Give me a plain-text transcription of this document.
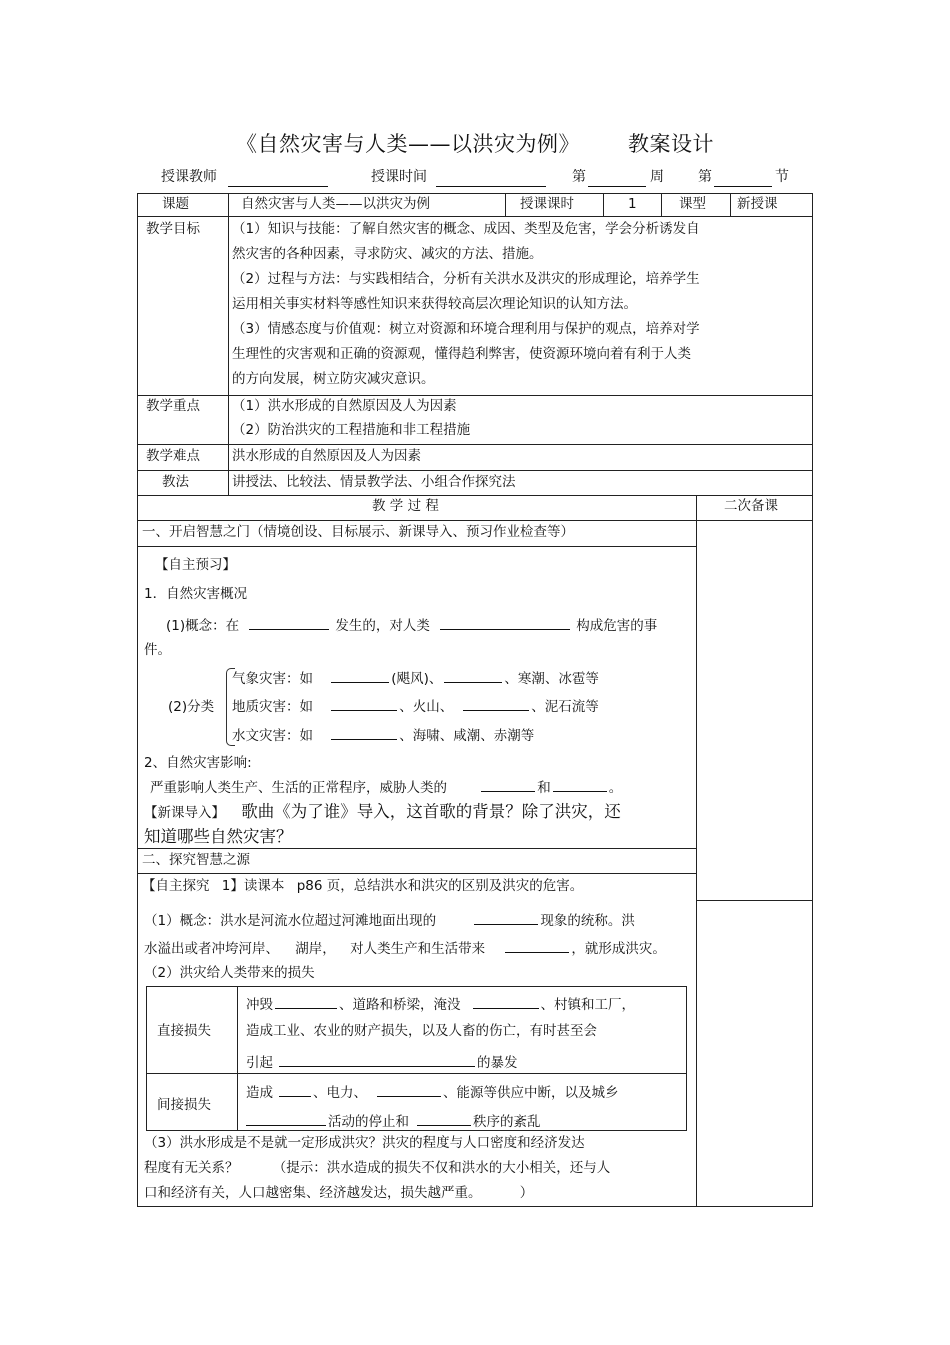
《自然灾害与人类——以洪灾为例》 教案设计
授课教师	授课时间	第	周 第	节
课题	自然灾害与人类——以洪灾为例	授课课时	1	课型 新授课
教学目标 （1）知识与技能：了解自然灾害的概念、成因、类型及危害，学会分析诱发自
然灾害的各种因素，寻求防灾、减灾的方法、措施。
（2）过程与方法：与实践相结合，分析有关洪水及洪灾的形成理论，培养学生
运用相关事实材料等感性知识来获得较高层次理论知识的认知方法。
（3）情感态度与价值观：树立对资源和环境合理利用与保护的观点，培养对学
生理性的灾害观和正确的资源观，懂得趋利弊害，使资源环境向着有利于人类
的方向发展，树立防灾减灾意识。
教学重点 （1）洪水形成的自然原因及人为因素
（2）防治洪灾的工程措施和非工程措施
教学难点 洪水形成的自然原因及人为因素
教法	讲授法、比较法、情景教学法、小组合作探究法
教 学 过 程	二次备课
一、开启智慧之门（情境创设、目标展示、新课导入、预习作业检查等）
【自主预习】
1．自然灾害概况
(1)概念：在	发生的，对人类	构成危害的事
件。
(2)分类
气象灾害：如	(飓风)、	、寒潮、冰雹等
地质灾害：如	、火山、	、泥石流等
水文灾害：如	、海啸、咸潮、赤潮等
2、自然灾害影响:
严重影响人类生产、生活的正常程序，威胁人类的	和	。
【新课导入】 歌曲《为了谁》导入，这首歌的背景？除了洪灾，还
知道哪些自然灾害？
二、探究智慧之源
【自主探究 1】读课本 p86 页，总结洪水和洪灾的区别及洪灾的危害。
（1）概念：洪水是河流水位超过河滩地面出现的	现象的统称。洪
水溢出或者冲垮河岸、 湖岸， 对人类生产和生活带来	，就形成洪灾。
（2）洪灾给人类带来的损失
直接损失
冲毁	、道路和桥梁，淹没	、村镇和工厂，
造成工业、农业的财产损失，以及人畜的伤亡，有时甚至会
引起	的暴发
间接损失
造成	、电力、	、能源等供应中断，以及城乡
活动的停止和	秩序的紊乱
（3）洪水形成是不是就一定形成洪灾？洪灾的程度与人口密度和经济发达
程度有无关系？	（提示：洪水造成的损失不仅和洪水的大小相关，还与人
口和经济有关，人口越密集、经济越发达，损失越严重。	）
